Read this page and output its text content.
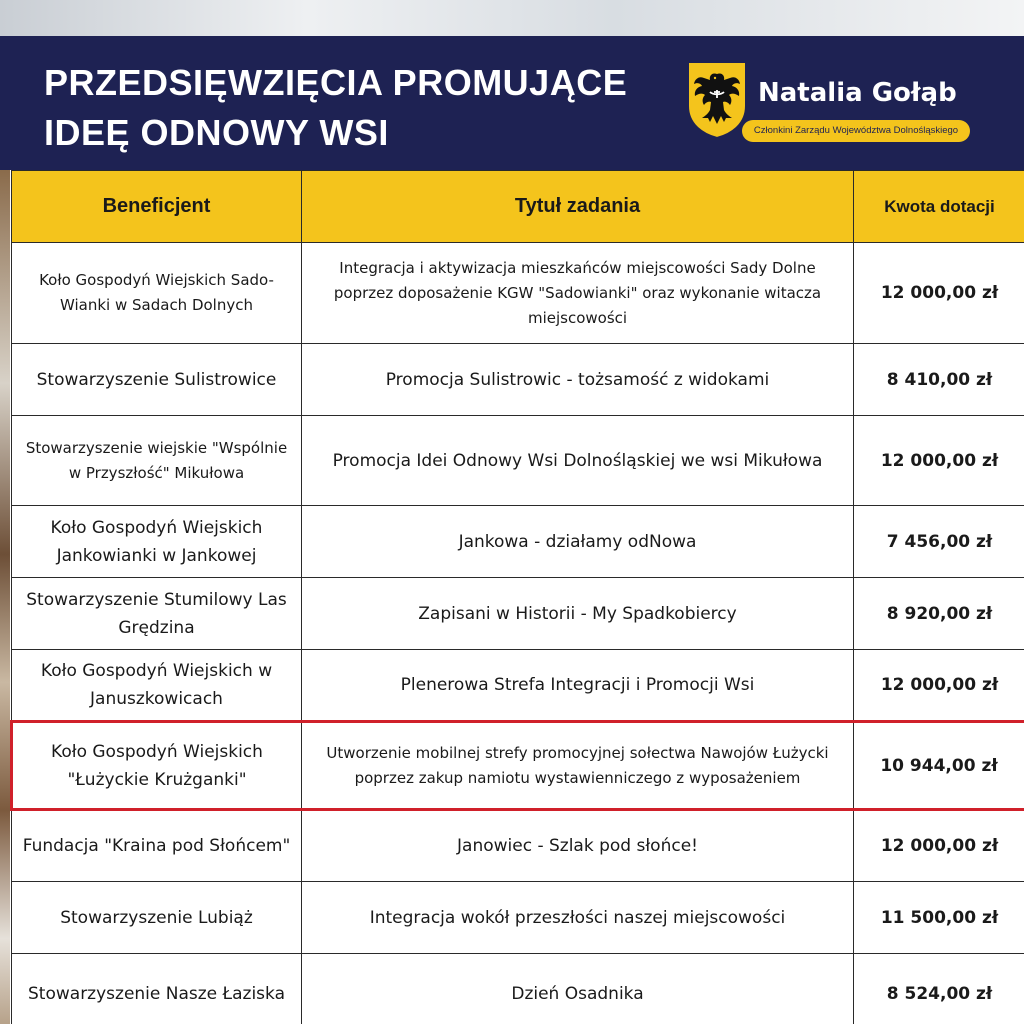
PRZEDSIĘWZIĘCIA PROMUJĄCE
IDEĘ ODNOWY WSI
Natalia Gołąb
Członkini Zarządu Województwa Dolnośląskiego
Beneficjent	Tytuł zadania	Kwota dotacji
Koło Gospodyń Wiejskich Sado-Wianki w Sadach Dolnych	Integracja i aktywizacja mieszkańców miejscowości Sady Dolne poprzez doposażenie KGW "Sadowianki" oraz wykonanie witacza miejscowości	12 000,00 zł
Stowarzyszenie Sulistrowice	Promocja Sulistrowic - tożsamość z widokami	8 410,00 zł
Stowarzyszenie wiejskie "Wspólnie w Przyszłość" Mikułowa	Promocja Idei Odnowy Wsi Dolnośląskiej we wsi Mikułowa	12 000,00 zł
Koło Gospodyń Wiejskich Jankowianki w Jankowej	Jankowa - działamy odNowa	7 456,00 zł
Stowarzyszenie Stumilowy Las Grędzina	Zapisani w Historii - My Spadkobiercy	8 920,00 zł
Koło Gospodyń Wiejskich w Januszkowicach	Plenerowa Strefa Integracji i Promocji Wsi	12 000,00 zł
Koło Gospodyń Wiejskich "Łużyckie Krużganki"	Utworzenie mobilnej strefy promocyjnej sołectwa Nawojów Łużycki poprzez zakup namiotu wystawienniczego z wyposażeniem	10 944,00 zł
Fundacja "Kraina pod Słońcem"	Janowiec - Szlak pod słońce!	12 000,00 zł
Stowarzyszenie Lubiąż	Integracja wokół przeszłości naszej miejscowości	11 500,00 zł
Stowarzyszenie Nasze Łaziska	Dzień Osadnika	8 524,00 zł
